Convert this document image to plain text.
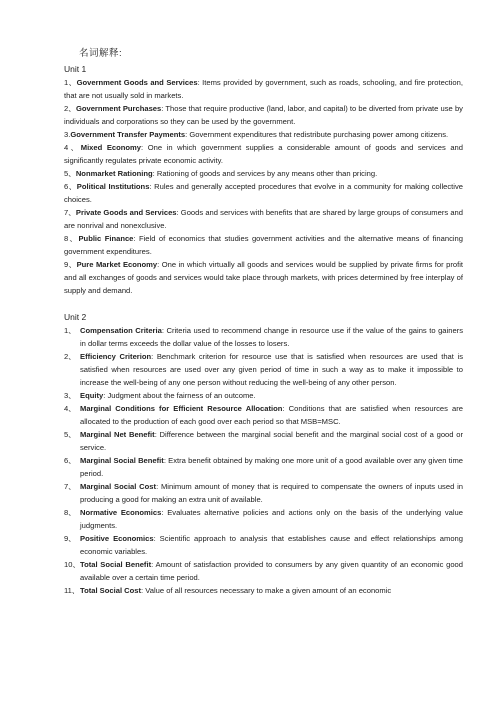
名词解释:
Unit 1

1、Government Goods and Services: Items provided by government, such as roads, schooling, and fire protection, that are not usually sold in markets.

2、Government Purchases: Those that require productive (land, labor, and capital) to be diverted from private use by individuals and corporations so they can be used by the government.

3.Government Transfer Payments: Government expenditures that redistribute purchasing power among citizens.

4、Mixed Economy: One in which government supplies a considerable amount of goods and services and significantly regulates private economic activity.

5、Nonmarket Rationing: Rationing of goods and services by any means other than pricing.

6、Political Institutions: Rules and generally accepted procedures that evolve in a community for making collective choices.

7、Private Goods and Services: Goods and services with benefits that are shared by large groups of consumers and are nonrival and nonexclusive.

8、Public Finance: Field of economics that studies government activities and the alternative means of financing government expenditures.

9、Pure Market Economy: One in which virtually all goods and services would be supplied by private firms for profit and all exchanges of goods and services would take place through markets, with prices determined by free interplay of supply and demand.

Unit 2

1、 Compensation Criteria: Criteria used to recommend change in resource use if the value of the gains to gainers in dollar terms exceeds the dollar value of the losses to losers.

2、 Efficiency Criterion: Benchmark criterion for resource use that is satisfied when resources are used that is satisfied when resources are used over any given period of time in such a way as to make it impossible to increase the well-being of any one person without reducing the well-being of any other person.

3、 Equity: Judgment about the fairness of an outcome.

4、 Marginal Conditions for Efficient Resource Allocation: Conditions that are satisfied when resources are allocated to the production of each good over each period so that MSB=MSC.

5、 Marginal Net Benefit: Difference between the marginal social benefit and the marginal social cost of a good or service.

6、 Marginal Social Benefit: Extra benefit obtained by making one more unit of a good available over any given time period.

7、 Marginal Social Cost: Minimum amount of money that is required to compensate the owners of inputs used in producing a good for making an extra unit of available.

8、 Normative Economics: Evaluates alternative policies and actions only on the basis of the underlying value judgments.

9、 Positive Economics: Scientific approach to analysis that establishes cause and effect relationships among economic variables.

10、Total Social Benefit: Amount of satisfaction provided to consumers by any given quantity of an economic good available over a certain time period.

11、Total Social Cost: Value of all resources necessary to make a given amount of an economic
